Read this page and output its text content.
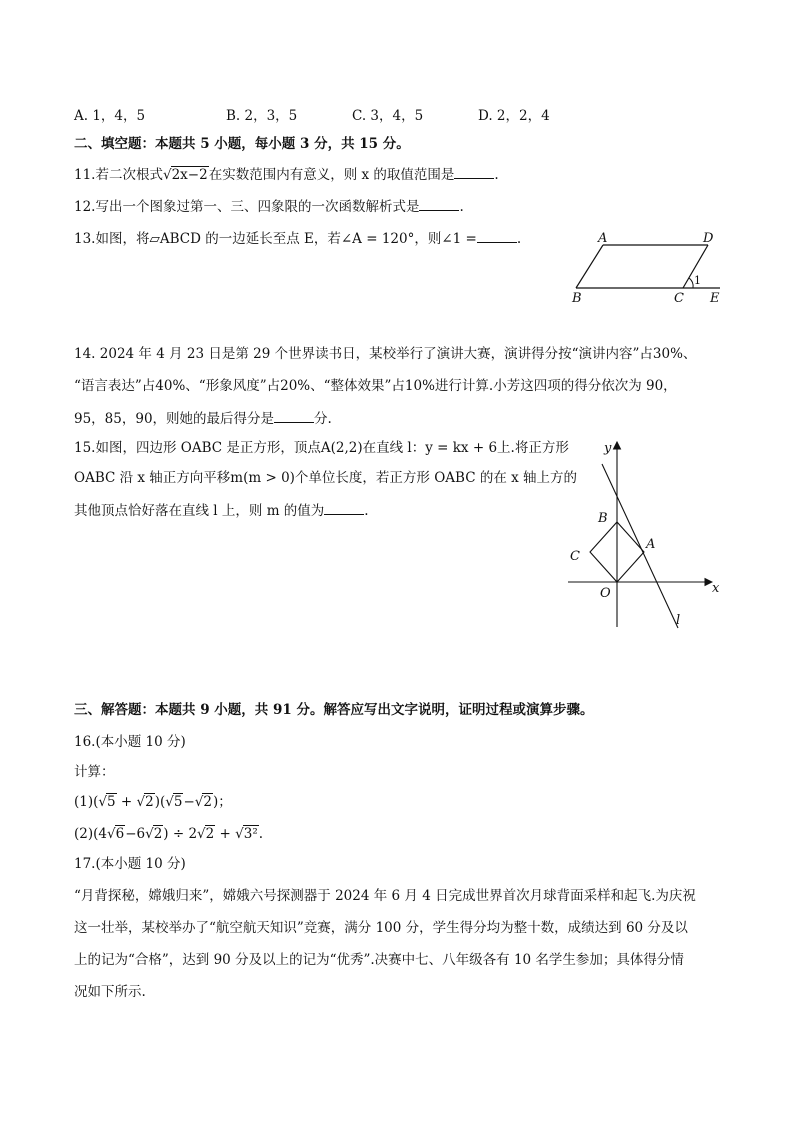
A. 1，4，5	B. 2，3，5	C. 3，4，5	D. 2，2，4
二、填空题：本题共 5 小题，每小题 3 分，共 15 分。
11.若二次根式√2x−2在实数范围内有意义，则 x 的取值范围是	.
12.写出一个图象过第一、三、四象限的一次函数解析式是	.
13.如图，将▱ABCD 的一边延长至点 E，若∠A = 120°，则∠1 =	.	A	D
B	C E
1
14. 2024 年 4 月 23 日是第 29 个世界读书日，某校举行了演讲大赛，演讲得分按“演讲内容”占30%、
“语言表达”占40%、“形象风度”占20%、“整体效果”占10%进行计算.小芳这四项的得分依次为 90，
95，85，90，则她的最后得分是	分.
15.如图，四边形 OABC 是正方形，顶点A(2,2)在直线 l：y = kx + 6上.将正方形
OABC 沿 x 轴正方向平移m(m > 0)个单位长度，若正方形 OABC 的在 x 轴上方的
其他顶点恰好落在直线 l 上，则 m 的值为	.
y
x
B
C
A
O
l
三、解答题：本题共 9 小题，共 91 分。解答应写出文字说明，证明过程或演算步骤。
16.(本小题 10 分)
计算：
(1)(√5 + √2)(√5−√2)；
(2)(4√6−6√2) ÷ 2√2 + √3².
17.(本小题 10 分)
“月背探秘，嫦娥归来”，嫦娥六号探测器于 2024 年 6 月 4 日完成世界首次月球背面采样和起飞.为庆祝
这一壮举，某校举办了“航空航天知识”竞赛，满分 100 分，学生得分均为整十数，成绩达到 60 分及以
上的记为“合格”，达到 90 分及以上的记为“优秀”.决赛中七、八年级各有 10 名学生参加；具体得分情
况如下所示.
